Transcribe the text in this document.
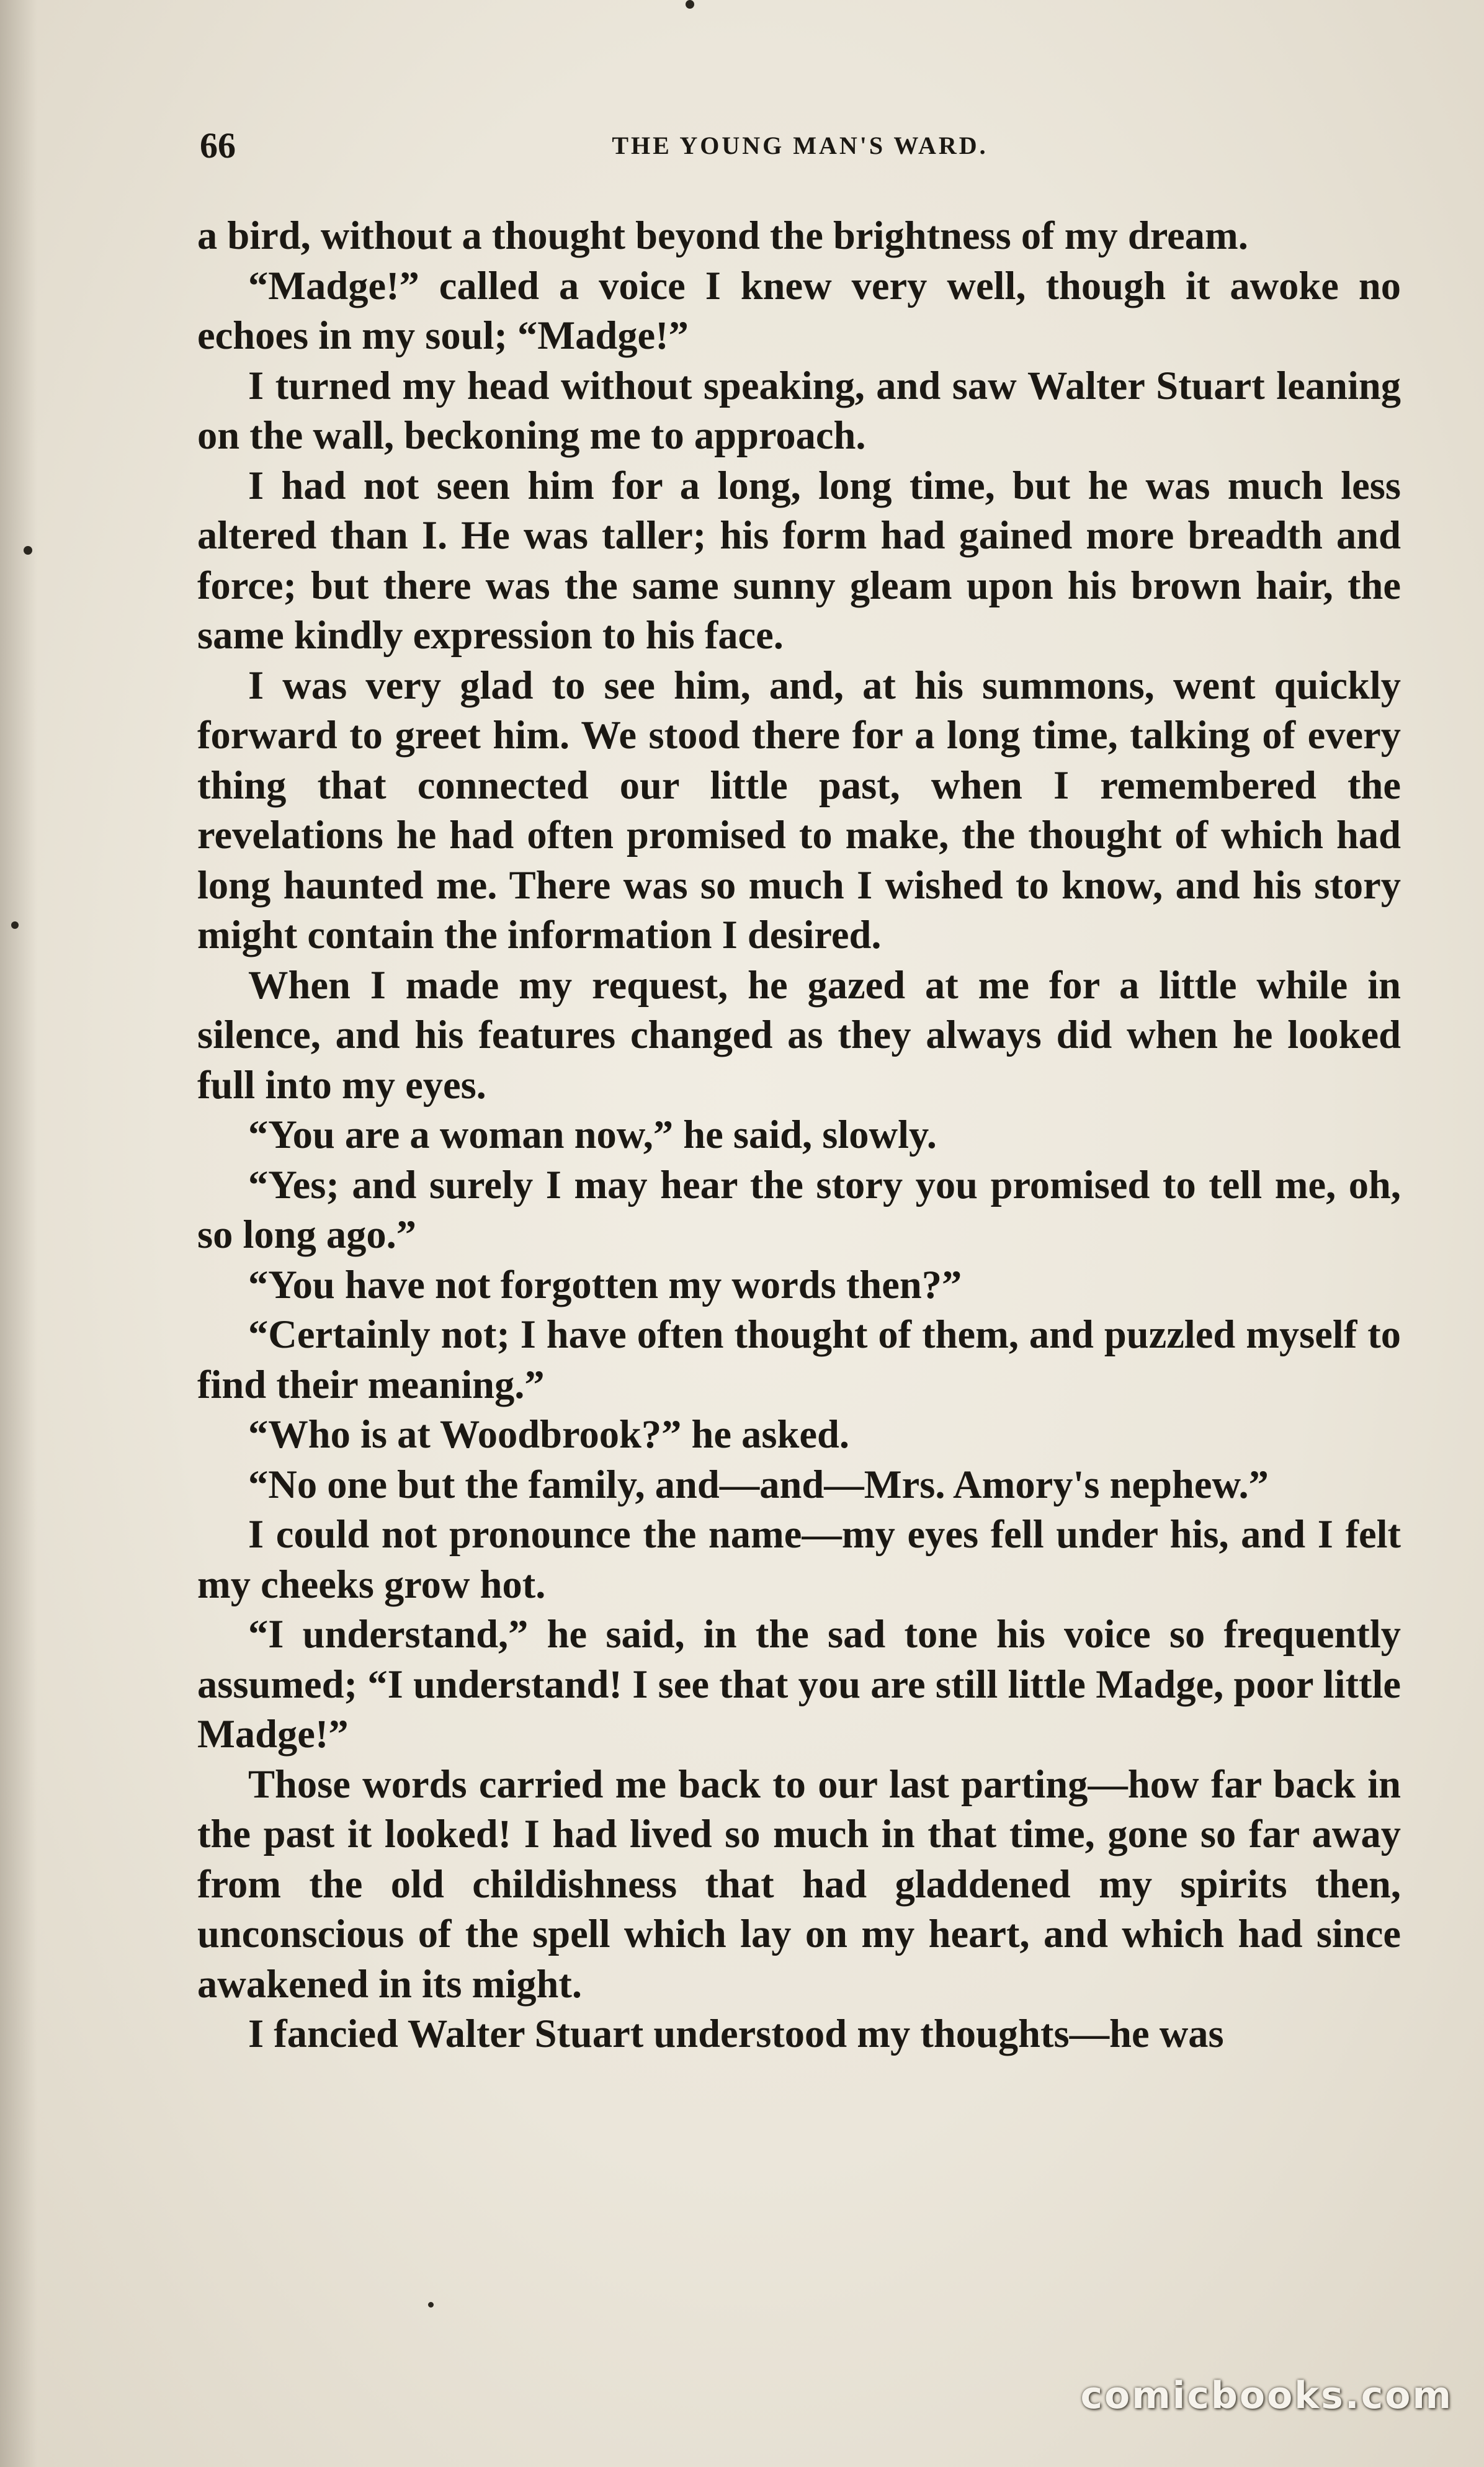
66	THE YOUNG MAN'S WARD.

a bird, without a thought beyond the brightness of my dream.

“Madge!” called a voice I knew very well, though it awoke no echoes in my soul; “Madge!”

I turned my head without speaking, and saw Walter Stuart leaning on the wall, beckoning me to approach.

I had not seen him for a long, long time, but he was much less altered than I. He was taller; his form had gained more breadth and force; but there was the same sunny gleam upon his brown hair, the same kindly expression to his face.

I was very glad to see him, and, at his summons, went quickly forward to greet him. We stood there for a long time, talking of every thing that connected our little past, when I remembered the revelations he had often promised to make, the thought of which had long haunted me. There was so much I wished to know, and his story might contain the information I desired.

When I made my request, he gazed at me for a little while in silence, and his features changed as they always did when he looked full into my eyes.

“You are a woman now,” he said, slowly.

“Yes; and surely I may hear the story you promised to tell me, oh, so long ago.”

“You have not forgotten my words then?”

“Certainly not; I have often thought of them, and puzzled myself to find their meaning.”

“Who is at Woodbrook?” he asked.

“No one but the family, and—and—Mrs. Amory's nephew.”

I could not pronounce the name—my eyes fell under his, and I felt my cheeks grow hot.

“I understand,” he said, in the sad tone his voice so frequently assumed; “I understand! I see that you are still little Madge, poor little Madge!”

Those words carried me back to our last parting—how far back in the past it looked! I had lived so much in that time, gone so far away from the old childishness that had gladdened my spirits then, unconscious of the spell which lay on my heart, and which had since awakened in its might.

I fancied Walter Stuart understood my thoughts—he was

comicbooks.com
